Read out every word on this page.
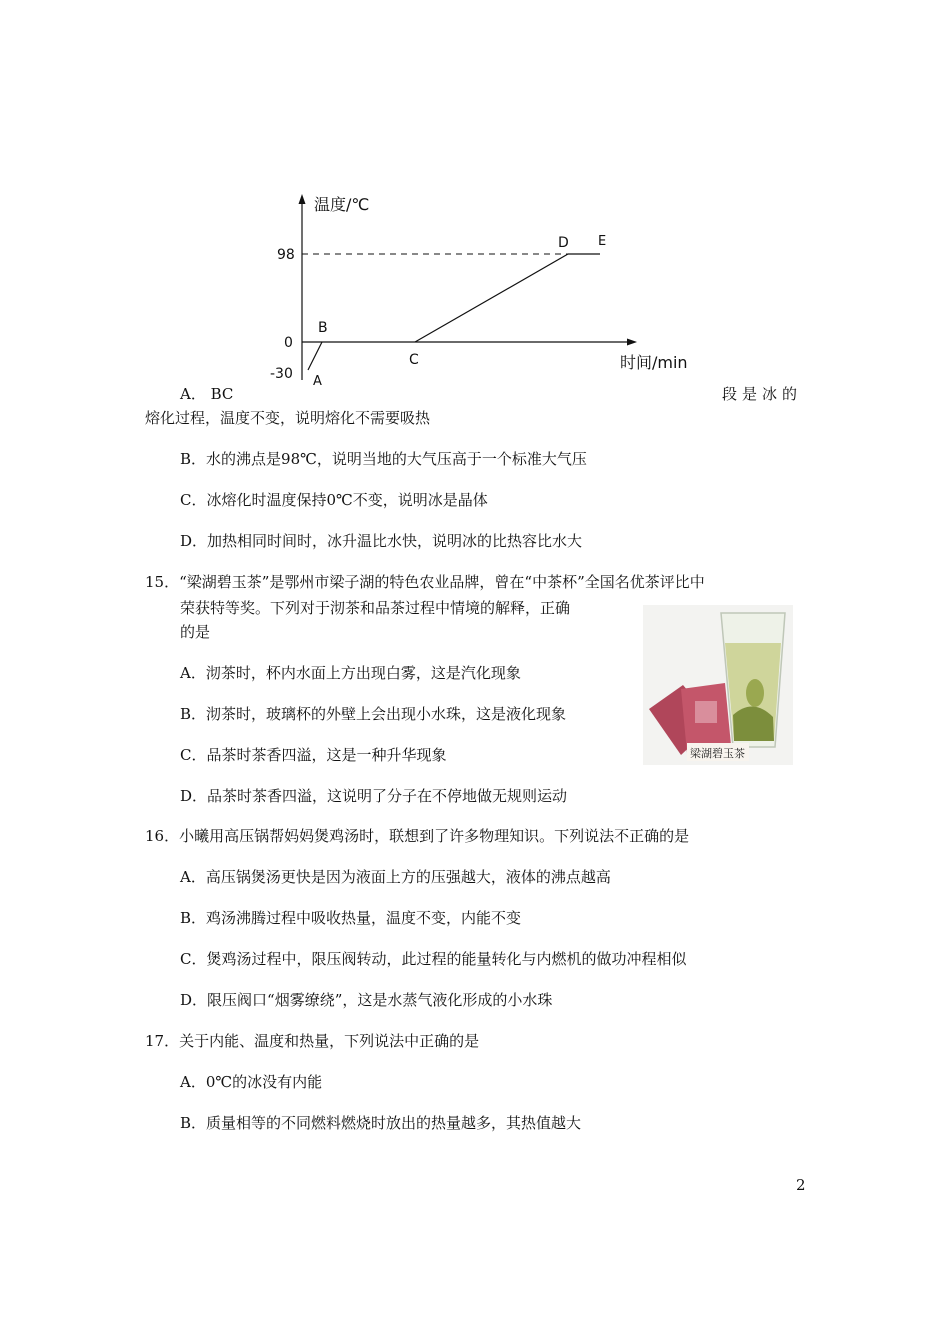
温度/℃
时间/min
98
0
-30 A
B
C
D E
A． BC	段是冰的
熔化过程，温度不变，说明熔化不需要吸热
B．水的沸点是98℃，说明当地的大气压高于一个标准大气压
C．冰熔化时温度保持0℃不变，说明冰是晶体
D．加热相同时间时，冰升温比水快，说明冰的比热容比水大
15．“梁湖碧玉茶”是鄂州市梁子湖的特色农业品牌，曾在“中茶杯”全国名优茶评比中
荣获特等奖。下列对于沏茶和品茶过程中情境的解释，正确
的是
A．沏茶时，杯内水面上方出现白雾，这是汽化现象
B．沏茶时，玻璃杯的外壁上会出现小水珠，这是液化现象
C．品茶时茶香四溢，这是一种升华现象
D．品茶时茶香四溢，这说明了分子在不停地做无规则运动
梁湖碧玉茶
16．小曦用高压锅帮妈妈煲鸡汤时，联想到了许多物理知识。下列说法不正确的是
A．高压锅煲汤更快是因为液面上方的压强越大，液体的沸点越高
B．鸡汤沸腾过程中吸收热量，温度不变，内能不变
C．煲鸡汤过程中，限压阀转动，此过程的能量转化与内燃机的做功冲程相似
D．限压阀口“烟雾缭绕”，这是水蒸气液化形成的小水珠
17．关于内能、温度和热量，下列说法中正确的是
A．0℃的冰没有内能
B．质量相等的不同燃料燃烧时放出的热量越多，其热值越大
2
